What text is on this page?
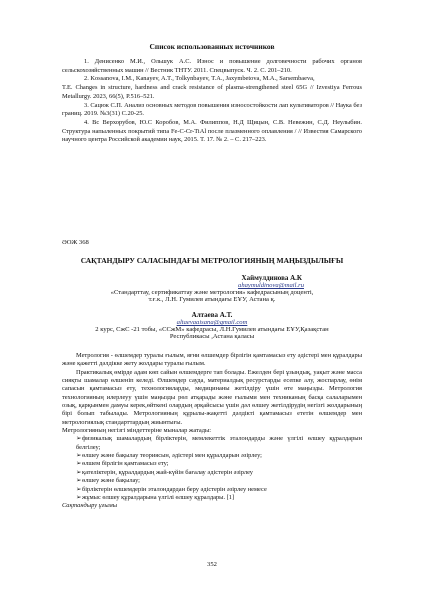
Список использованных источников

1. Денисенко М.И., Ольшук А.С. Износ и повышение долговечности рабочих органов сельскохозяйственных машин // Вестник ТНТУ. 2011. Спецвыпуск. Ч. 2. С. 201–210.

2. Kossanova, I.M., Kanayev, A.T., Tolkynbayev, T.A., Jaxymbetova, M.A., Sarsembaeva,

T.E. Changes in structure, hardness and crack resistance of plasma-strengthened steel 65G // Izvestiya Ferrous Metallurgy. 2023, 66(5), P.516–521.

3. Сацюк С.П. Анализ основных методов повышения износостойкости лап культиваторов // Наука без границ. 2019. №3(31) С.20-25.

4. Вс Верхорубов, Ю.С Коробов, М.А. Филиппов, Н.Д Щицын, С.В. Невежин, С.Д. Неулыбин. Структура напыленных покрытий типа Fe-C-Cr-TiAl после плазменного оплавления / // Известия Самарского научного центра Российской академии наук, 2015. Т. 17. № 2. – С. 217–223.

ӘОЖ 368
САҚТАНДЫРУ САЛАСЫНДАҒЫ МЕТРОЛОГИЯНЫҢ МАҢЫЗДЫЛЫҒЫ
Хаймулдинова А.К
ahaymuldinova@mail.ru
«Стандарттау, сертификаттау және метрология» кафедрасының доценті,
т.ғ.к., Л.Н. Гумилев атындағы ЕҰУ, Астана қ.
Алтаева А.Т.
altaevaaisana@gmail.com
2 курс, СжС -21 тобы, «ССжМ» кафедрасы, Л.Н.Гумилев атындағы ЕҰУ,Қазақстан
Республикасы ,Астана қаласы

Метрология - өлшемдер туралы ғылым, яғни өлшемдер бірлігін қамтамасыз ету әдістері мен құралдары және қажетті дәлдікке жету жолдары туралы ғылым.

Практикалық өмірде адам көп сайын өлшемдерге тап болады. Ежелден бері ұзындық, уақыт және масса сияқты шамалар өлшеніп келеді. Өлшемдер сауда, материалдық ресурстарды есепке алу, жоспарлау, өнім сапасын қамтамасыз ету, технологияларды, медицинаны жетілдіру үшін өте маңызды. Метрология технологияның илерлеуу үшін маңызды рөл атқарады және ғылыми мен техниканың басқа салаларымен озық, қарқынмен дамуы керек,өйткені олардың әрқайсысы үшін дәл өлшеу жетілдірудің негізгі жолдарының бірі болып табылады. Метрологияның құрылы-жақетті дәлдікті қамтамасыз ететін өлшемдер мен метрологиялық стандарттардың жиынтығы.

Метрологияның негізгі міндеттеріне мыналар жатады:

➢физикалық шамалардың бірліктерін, мемлекеттік эталондарды және үлгілі өлшеу құралдарын белгілеу;

➢өлшеу және бақылау теориясын, әдістері мен құралдарын әзірлеу;

➢өлшем бірлігін қамтамасыз ету;

➢қателіктерін, құралдардың жай-күйін бағалау әдістерін әзірлеу

➢өлшеу және бақылау;

➢бірліктерін өлшемдерін эталондардан беру әдістерін әзірлеу немесе

➢жұмыс өлшеу құралдарына үлгілі өлшеу құралдары. [1]

Сақтандыру ұғымы

352
